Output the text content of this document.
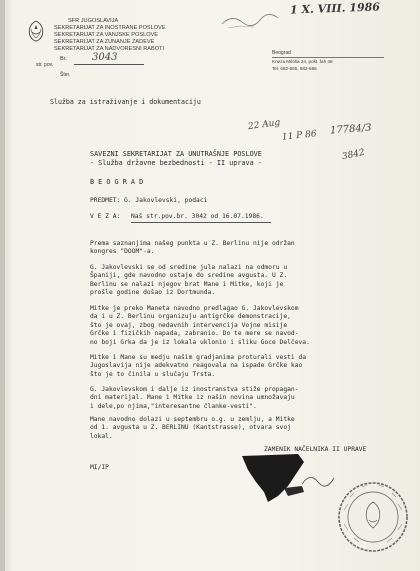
SFR JUGOSLAVIJA
SEKRETARIJAT ZA INOSTRANE POSLOVE
SEKRETARIJAT ZA VANJSKE POSLOVE
SEKRETARIJAT ZA ZUNANJE ZADEVE
SEKRETARIJAT ZA NADVORESNI RABOTI
Br.	3043
str. pov.
Šter.
Beograd
Kneza Miloša 24, pošt. fah 48
Tel. 682-555, 682-666
1 X. VIII. 1986
Služba za istraživanje i dokumentaciju
22 Aug
11 P 86 17784/3
3842
SAVEZNI SEKRETARIJAT ZA UNUTRAŠNJE POSLOVE
- Služba državne bezbednosti - II uprava -
B E O G R A D
PREDMET: G. Jakovlevski, podaci
V E Z A: Naš str.pov.br. 3042 od 16.07.1986.
Prema saznanjima našeg punkta u Z. Berlinu nije održan
kongres "DOOM"-a.
G. Jakovlevski se od sredine jula nalazi na odmoru u
Španiji, gde navodno ostaje do sredine avgusta. U Z.
Berlinu se nalazi njegov brat Mane i Mitke, koji je
prošle godine došao iz Dortmunda.
Mitke je preko Maneta navodno predlagao G. Jakovlevskom
da i u Z. Berlinu organizuju antigrčke demonstracije,
što je ovaj, zbog nedavnih intervencija Vojne misije
Grčke i fizičkih napada, zabranio. Do te mere se navod-
no boji Grka da je iz lokala uklonio i sliku Goce Delčeva.
Mitke i Mane su medju našim gradjanima proturali vesti da
Jugoslavija nije adekvatno reagovala na ispade Grčke kao
što je to činila u slučaju Trsta.
G. Jakovlevskom i dalje iz inostranstva stiže propagan-
dni materijal. Mane i Mitke iz našin novina umnožavaju
i dele,po njima,"interesantne članke-vesti".
Mane navodno dolazi u septembru o.g. u zemlju, a Mitke
od 1. avgusta u Z. BERLINU (Kantstrasse), otvara svoj
lokal.
ZAMENIK NAČELNIKA II UPRAVE
MI/IP
